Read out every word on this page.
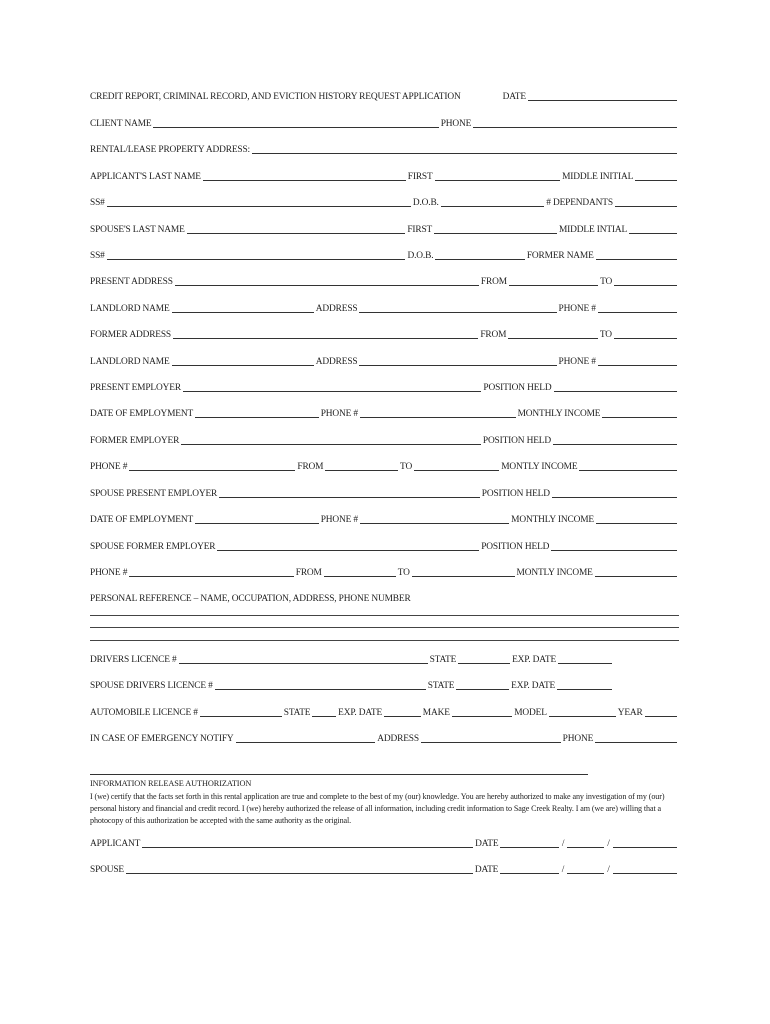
CREDIT REPORT, CRIMINAL RECORD, AND EVICTION HISTORY REQUEST APPLICATION	DATE
CLIENT NAME	PHONE
RENTAL/LEASE PROPERTY ADDRESS:
APPLICANT'S LAST NAME	FIRST	MIDDLE INITIAL
SS#	D.O.B.	# DEPENDANTS
SPOUSE'S LAST NAME	FIRST	MIDDLE INTIAL
SS#	D.O.B.	FORMER NAME
PRESENT ADDRESS	FROM	TO
LANDLORD NAME	ADDRESS	PHONE #
FORMER ADDRESS	FROM	TO
LANDLORD NAME	ADDRESS	PHONE #
PRESENT EMPLOYER	POSITION HELD
DATE OF EMPLOYMENT	PHONE #	MONTHLY INCOME
FORMER EMPLOYER	POSITION HELD
PHONE #	FROM	TO	MONTLY INCOME
SPOUSE PRESENT EMPLOYER	POSITION HELD
DATE OF EMPLOYMENT	PHONE #	MONTHLY INCOME
SPOUSE FORMER EMPLOYER	POSITION HELD
PHONE #	FROM	TO	MONTLY INCOME
PERSONAL REFERENCE – NAME, OCCUPATION, ADDRESS, PHONE NUMBER
DRIVERS LICENCE #	STATE	EXP. DATE
SPOUSE DRIVERS LICENCE #	STATE	EXP. DATE
AUTOMOBILE LICENCE #	STATE	EXP. DATE	MAKE	MODEL	YEAR
IN CASE OF EMERGENCY NOTIFY	ADDRESS	PHONE
INFORMATION RELEASE AUTHORIZATION
I (we) certify that the facts set forth in this rental application are true and complete to the best of my (our) knowledge. You are hereby authorized to make any investigation of my (our) personal history and financial and credit record. I (we) hereby authorized the release of all information, including credit information to Sage Creek Realty. I am (we are) willing that a photocopy of this authorization be accepted with the same authority as the original.
APPLICANT	DATE	/	/
SPOUSE	DATE	/	/
